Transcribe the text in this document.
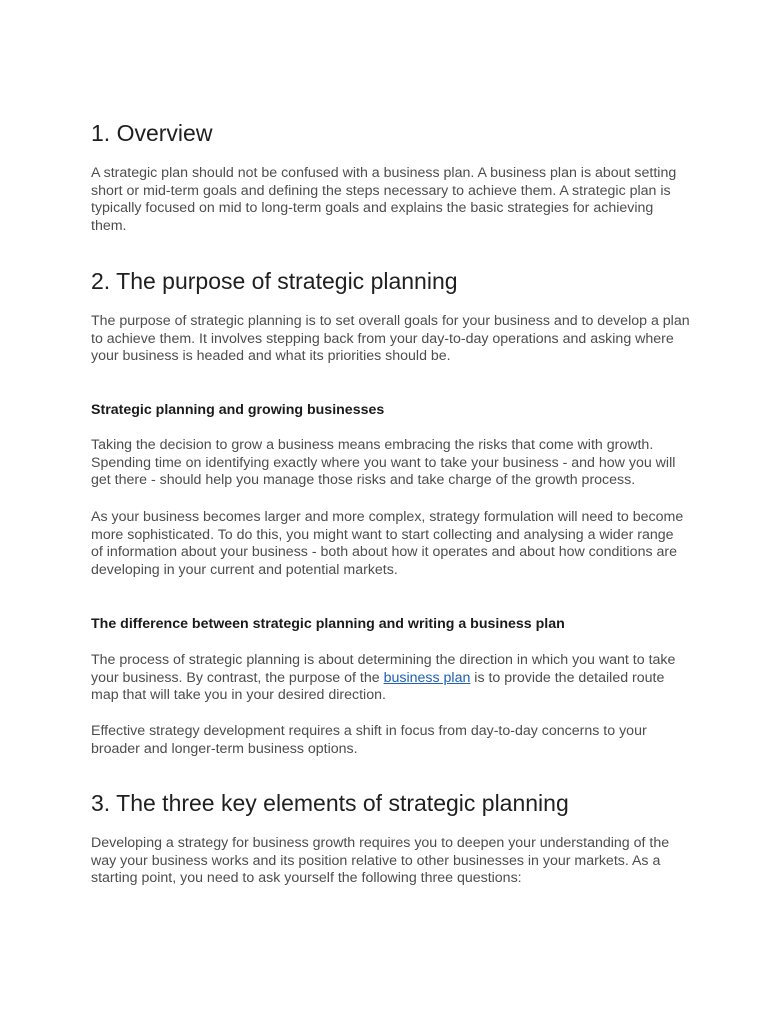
1. Overview

A strategic plan should not be confused with a business plan. A business plan is about setting
short or mid-term goals and defining the steps necessary to achieve them. A strategic plan is
typically focused on mid to long-term goals and explains the basic strategies for achieving
them.

2. The purpose of strategic planning

The purpose of strategic planning is to set overall goals for your business and to develop a plan
to achieve them. It involves stepping back from your day-to-day operations and asking where
your business is headed and what its priorities should be.

Strategic planning and growing businesses

Taking the decision to grow a business means embracing the risks that come with growth.
Spending time on identifying exactly where you want to take your business - and how you will
get there - should help you manage those risks and take charge of the growth process.

As your business becomes larger and more complex, strategy formulation will need to become
more sophisticated. To do this, you might want to start collecting and analysing a wider range
of information about your business - both about how it operates and about how conditions are
developing in your current and potential markets.

The difference between strategic planning and writing a business plan

The process of strategic planning is about determining the direction in which you want to take
your business. By contrast, the purpose of the business plan is to provide the detailed route
map that will take you in your desired direction.

Effective strategy development requires a shift in focus from day-to-day concerns to your
broader and longer-term business options.

3. The three key elements of strategic planning

Developing a strategy for business growth requires you to deepen your understanding of the
way your business works and its position relative to other businesses in your markets. As a
starting point, you need to ask yourself the following three questions:
